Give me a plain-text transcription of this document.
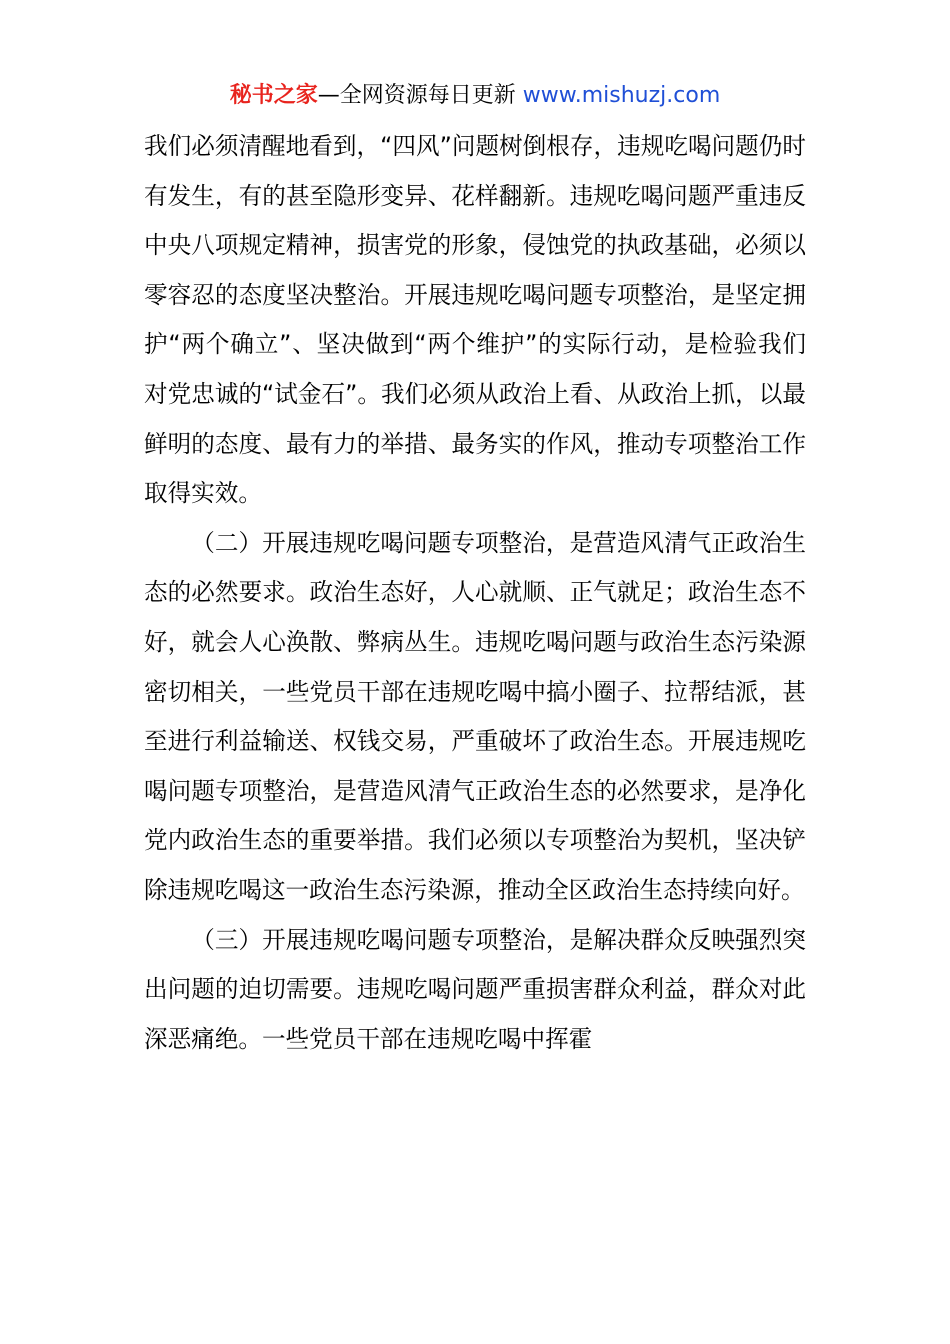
秘书之家—全网资源每日更新 www.mishuzj.com

我们必须清醒地看到，“四风”问题树倒根存，违规吃喝问题仍时有发生，有的甚至隐形变异、花样翻新。违规吃喝问题严重违反中央八项规定精神，损害党的形象，侵蚀党的执政基础，必须以零容忍的态度坚决整治。开展违规吃喝问题专项整治，是坚定拥护“两个确立”、坚决做到“两个维护”的实际行动，是检验我们对党忠诚的“试金石”。我们必须从政治上看、从政治上抓，以最鲜明的态度、最有力的举措、最务实的作风，推动专项整治工作取得实效。

（二）开展违规吃喝问题专项整治，是营造风清气正政治生态的必然要求。政治生态好，人心就顺、正气就足；政治生态不好，就会人心涣散、弊病丛生。违规吃喝问题与政治生态污染源密切相关，一些党员干部在违规吃喝中搞小圈子、拉帮结派，甚至进行利益输送、权钱交易，严重破坏了政治生态。开展违规吃喝问题专项整治，是营造风清气正政治生态的必然要求，是净化党内政治生态的重要举措。我们必须以专项整治为契机，坚决铲除违规吃喝这一政治生态污染源，推动全区政治生态持续向好。

（三）开展违规吃喝问题专项整治，是解决群众反映强烈突出问题的迫切需要。违规吃喝问题严重损害群众利益，群众对此深恶痛绝。一些党员干部在违规吃喝中挥霍
